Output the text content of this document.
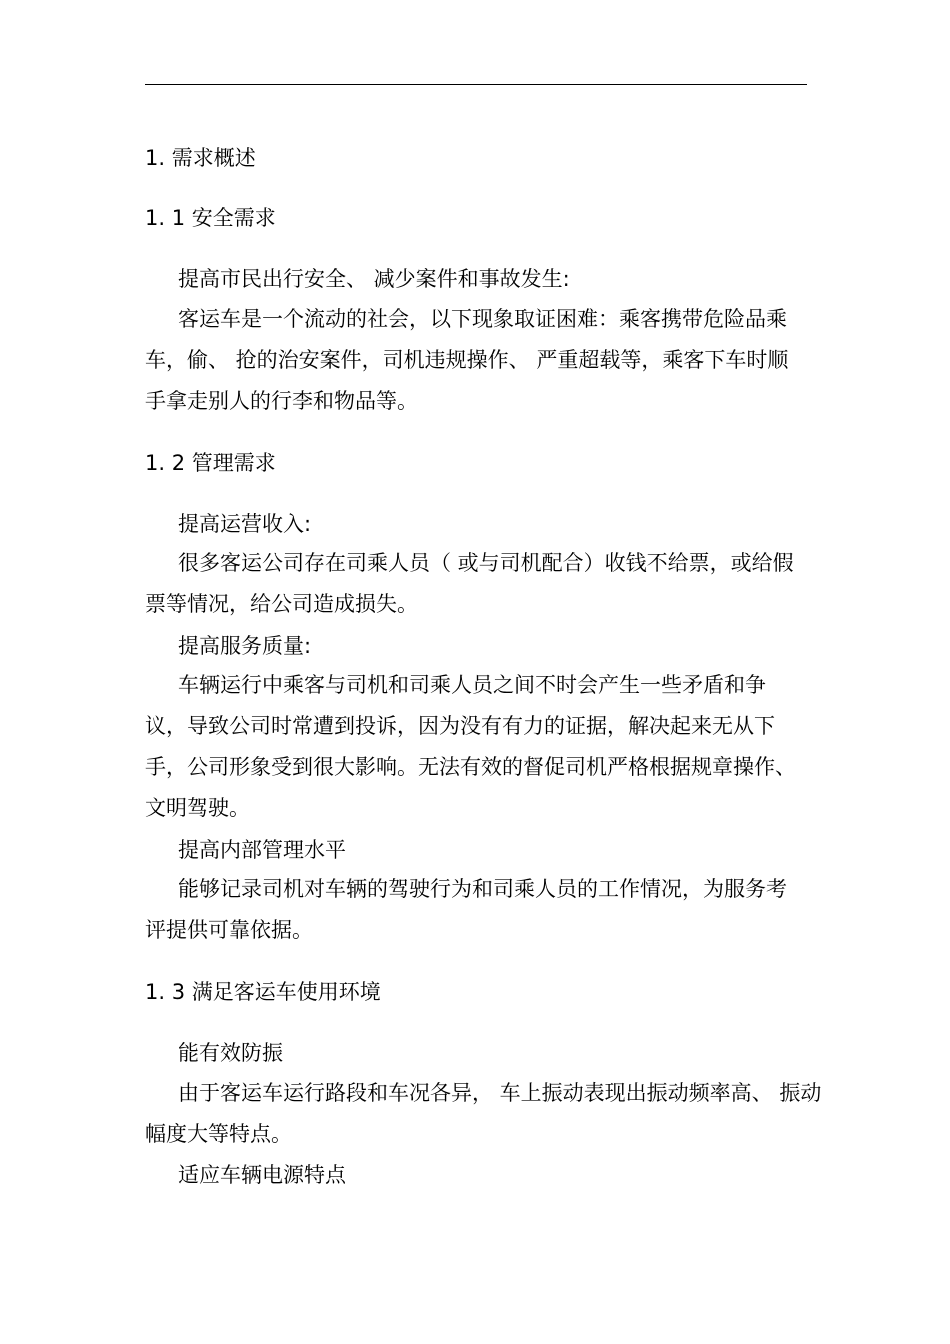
1. 需求概述
1. 1 安全需求
提高市民出行安全、 减少案件和事故发生:

客运车是一个流动的社会，以下现象取证困难：乘客携带危险品乘车，偷、 抢的治安案件，司机违规操作、 严重超载等，乘客下车时顺手拿走别人的行李和物品等。

1. 2 管理需求
提高运营收入:

很多客运公司存在司乘人员（ 或与司机配合）收钱不给票，或给假票等情况，给公司造成损失。

提高服务质量:

车辆运行中乘客与司机和司乘人员之间不时会产生一些矛盾和争议，导致公司时常遭到投诉，因为没有有力的证据，解决起来无从下手，公司形象受到很大影响。无法有效的督促司机严格根据规章操作、 文明驾驶。

提高内部管理水平

能够记录司机对车辆的驾驶行为和司乘人员的工作情况，为服务考评提供可靠依据。

1. 3 满足客运车使用环境
能有效防振

由于客运车运行路段和车况各异， 车上振动表现出振动频率高、 振动幅度大等特点。

适应车辆电源特点
